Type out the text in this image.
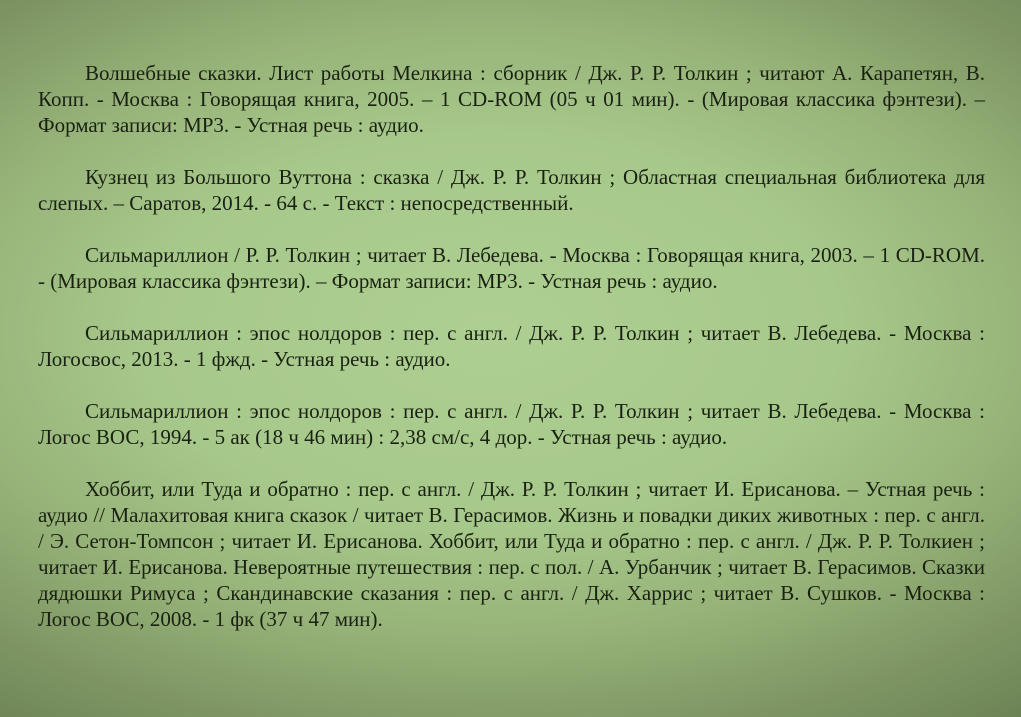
Волшебные сказки. Лист работы Мелкина : сборник / Дж. Р. Р. Толкин ; читают А. Карапетян, В. Копп. - Москва : Говорящая книга, 2005. – 1 CD-ROM (05 ч 01 мин). - (Мировая классика фэнтези). – Формат записи: MP3. - Устная речь : аудио.

Кузнец из Большого Вуттона : сказка / Дж. Р. Р. Толкин ; Областная специальная библиотека для слепых. – Саратов, 2014. - 64 с. - Текст : непосредственный.

Сильмариллион / Р. Р. Толкин ; читает В. Лебедева. - Москва : Говорящая книга, 2003. – 1 CD-ROM. - (Мировая классика фэнтези). – Формат записи: MP3. - Устная речь : аудио.

Сильмариллион : эпос нолдоров : пер. с англ. / Дж. Р. Р. Толкин ; читает В. Лебедева. - Москва : Логосвос, 2013. - 1 фжд. - Устная речь : аудио.

Сильмариллион : эпос нолдоров : пер. с англ. / Дж. Р. Р. Толкин ; читает В. Лебедева. - Москва : Логос ВОС, 1994. - 5 ак (18 ч 46 мин) : 2,38 см/с, 4 дор. - Устная речь : аудио.

Хоббит, или Туда и обратно : пер. с англ. / Дж. Р. Р. Толкин ; читает И. Ерисанова. – Устная речь : аудио // Малахитовая книга сказок / читает В. Герасимов. Жизнь и повадки диких животных : пер. с англ. / Э. Сетон-Томпсон ; читает И. Ерисанова. Хоббит, или Туда и обратно : пер. с англ. / Дж. Р. Р. Толкиен ; читает И. Ерисанова. Невероятные путешествия : пер. с пол. / А. Урбанчик ; читает В. Герасимов. Сказки дядюшки Римуса ; Скандинавские сказания : пер. с англ. / Дж. Харрис ; читает В. Сушков. - Москва : Логос ВОС, 2008. - 1 фк (37 ч 47 мин).
